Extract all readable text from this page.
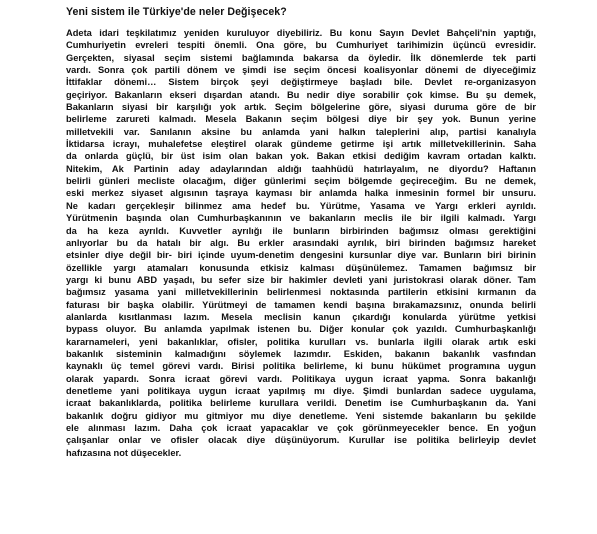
Yeni sistem ile Türkiye'de neler Değişecek?

Adeta idari teşkilatımız yeniden kuruluyor diyebiliriz. Bu konu Sayın Devlet Bahçeli'nin yaptığı,
Cumhuriyetin evreleri tespiti önemli. Ona göre, bu Cumhuriyet tarihimizin üçüncü evresidir.
Gerçekten, siyasal seçim sistemi bağlamında bakarsa da öyledir. İlk dönemlerde tek parti
vardı. Sonra çok partili dönem ve şimdi ise seçim öncesi koalisyonlar dönemi de diyeceğimiz
İttifaklar dönemi… Sistem birçok şeyi değiştirmeye başladı bile. Devlet re-organizasyon
geçiriyor. Bakanların ekseri dışardan atandı. Bu nedir diye sorabilir çok kimse. Bu şu demek,
Bakanların siyasi bir karşılığı yok artık. Seçim bölgelerine göre, siyasi duruma göre de bir
belirleme zarureti kalmadı. Mesela Bakanın seçim bölgesi diye bir şey yok. Bunun yerine
milletvekili var. Sanılanın aksine bu anlamda yani halkın taleplerini alıp, partisi kanalıyla
İktidarsa icrayı, muhalefetse eleştirel olarak gündeme getirme işi artık milletvekillerinin. Saha
da onlarda güçlü, bir üst isim olan bakan yok. Bakan etkisi dediğim kavram ortadan kalktı.
Nitekim, Ak Partinin aday adaylarından aldığı taahhüdü hatırlayalım, ne diyordu? Haftanın
belirli günleri mecliste olacağım, diğer günlerimi seçim bölgemde geçireceğim. Bu ne demek,
eski merkez siyaset algısının taşraya kayması bir anlamda halka inmesinin formel bir unsuru.
Ne kadarı gerçekleşir bilinmez ama hedef bu. Yürütme, Yasama ve Yargı erkleri ayrıldı.
Yürütmenin başında olan Cumhurbaşkanının ve bakanların meclis ile bir ilgili kalmadı. Yargı
da ha keza ayrıldı. Kuvvetler ayrılığı ile bunların birbirinden bağımsız olması gerektiğini
anlıyorlar bu da hatalı bir algı. Bu erkler arasındaki ayrılık, biri birinden bağımsız hareket
etsinler diye değil bir- biri içinde uyum-denetim dengesini kursunlar diye var. Bunların biri birinin
özellikle yargı atamaları konusunda etkisiz kalması düşünülemez. Tamamen bağımsız bir
yargı ki bunu ABD yaşadı, bu sefer size bir hakimler devleti yani juristokrasi olarak döner. Tam
bağımsız yasama yani milletvekillerinin belirlenmesi noktasında partilerin etkisini kırmanın da
faturası bir başka olabilir. Yürütmeyi de tamamen kendi başına bırakamazsınız, onunda belirli
alanlarda kısıtlanması lazım. Mesela meclisin kanun çıkardığı konularda yürütme yetkisi
bypass oluyor. Bu anlamda yapılmak istenen bu. Diğer konular çok yazıldı. Cumhurbaşkanlığı
kararnameleri, yeni bakanlıklar, ofisler, politika kurulları vs. bunlarla ilgili olarak artık eski
bakanlık sisteminin kalmadığını söylemek lazımdır. Eskiden, bakanın bakanlık vasfından
kaynaklı üç temel görevi vardı. Birisi politika belirleme, ki bunu hükümet programına uygun
olarak yapardı. Sonra icraat görevi vardı. Politikaya uygun icraat yapma. Sonra bakanlığı
denetleme yani politikaya uygun icraat yapılmış mı diye. Şimdi bunlardan sadece uygulama,
icraat bakanlıklarda, politika belirleme kurullara verildi. Denetim ise Cumhurbaşkanın da. Yani
bakanlık doğru gidiyor mu gitmiyor mu diye denetleme. Yeni sistemde bakanların bu şekilde
ele alınması lazım. Daha çok icraat yapacaklar ve çok görünmeyecekler bence. En yoğun
çalışanlar onlar ve ofisler olacak diye düşünüyorum. Kurullar ise politika belirleyip devlet
hafızasına not düşecekler.
